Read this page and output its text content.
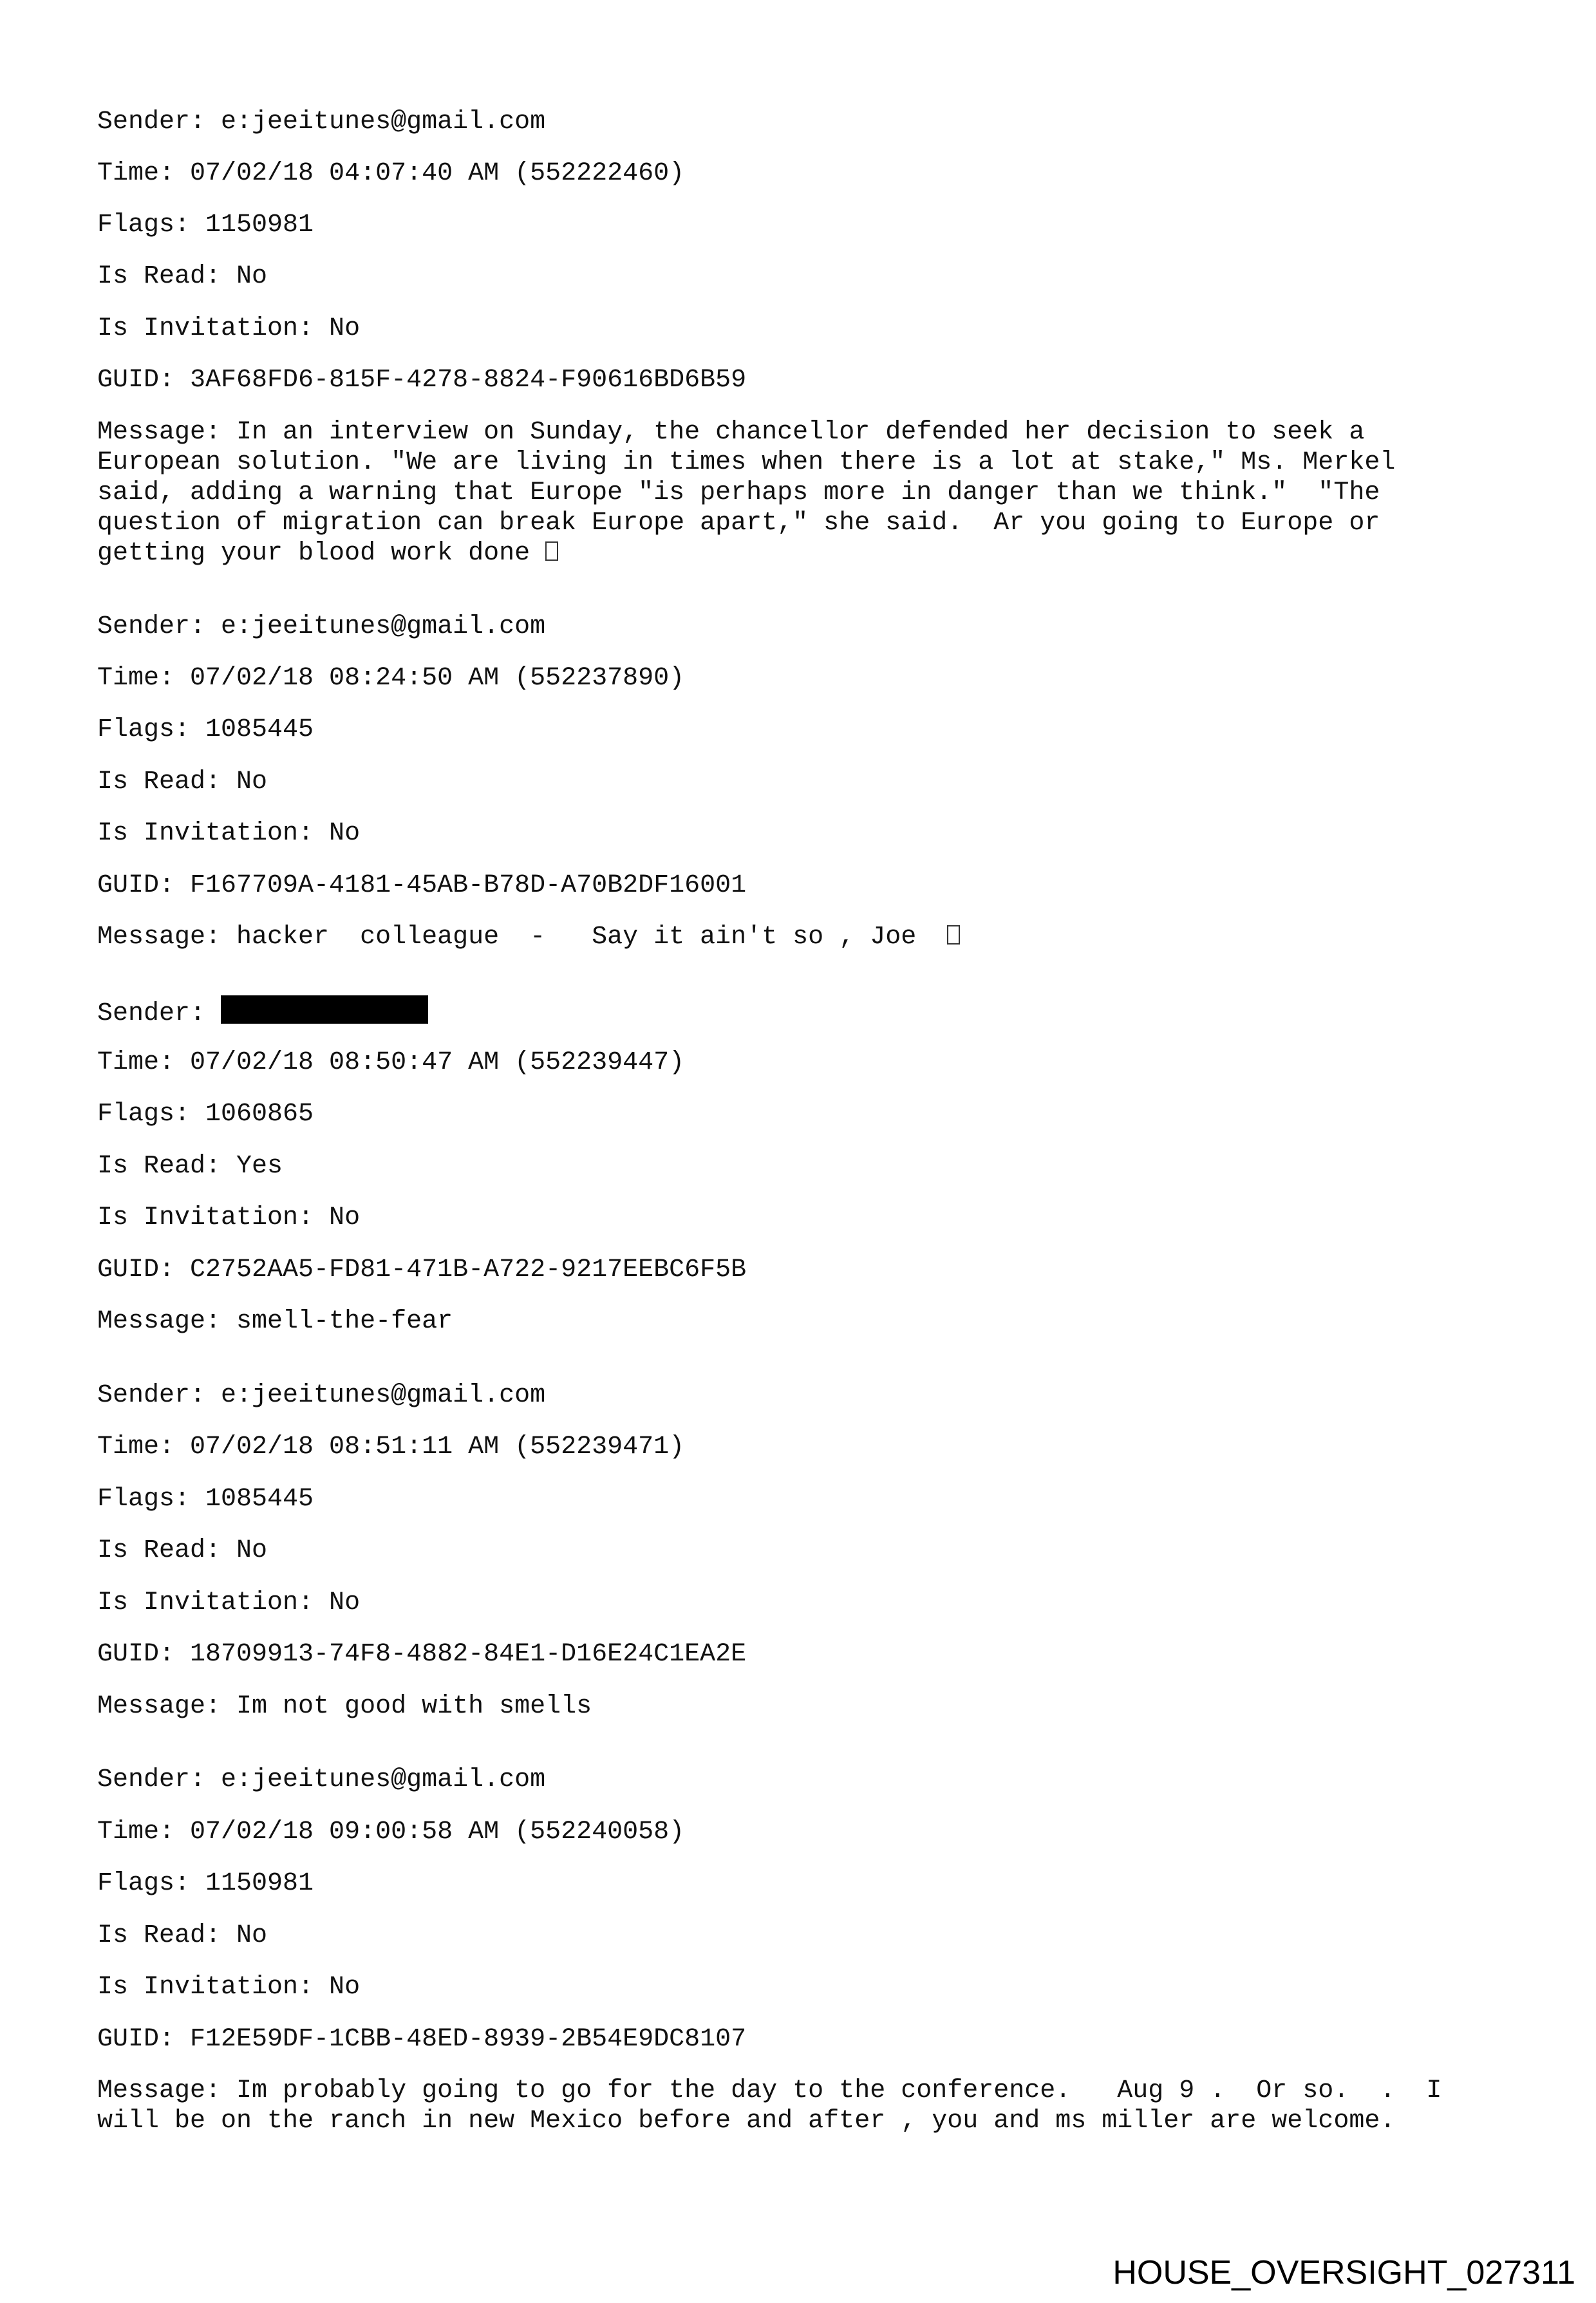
Sender: e:jeeitunes@gmail.com

Time: 07/02/18 04:07:40 AM (552222460)

Flags: 1150981

Is Read: No

Is Invitation: No

GUID: 3AF68FD6-815F-4278-8824-F90616BD6B59

Message: In an interview on Sunday, the chancellor defended her decision to seek a

European solution. "We are living in times when there is a lot at stake," Ms. Merkel

said, adding a warning that Europe "is perhaps more in danger than we think."  "The

question of migration can break Europe apart," she said.  Ar you going to Europe or

getting your blood work done

Sender: e:jeeitunes@gmail.com

Time: 07/02/18 08:24:50 AM (552237890)

Flags: 1085445

Is Read: No

Is Invitation: No

GUID: F167709A-4181-45AB-B78D-A70B2DF16001

Message: hacker  colleague  -   Say it ain't so , Joe

Sender:

Time: 07/02/18 08:50:47 AM (552239447)

Flags: 1060865

Is Read: Yes

Is Invitation: No

GUID: C2752AA5-FD81-471B-A722-9217EEBC6F5B

Message: smell-the-fear

Sender: e:jeeitunes@gmail.com

Time: 07/02/18 08:51:11 AM (552239471)

Flags: 1085445

Is Read: No

Is Invitation: No

GUID: 18709913-74F8-4882-84E1-D16E24C1EA2E

Message: Im not good with smells

Sender: e:jeeitunes@gmail.com

Time: 07/02/18 09:00:58 AM (552240058)

Flags: 1150981

Is Read: No

Is Invitation: No

GUID: F12E59DF-1CBB-48ED-8939-2B54E9DC8107

Message: Im probably going to go for the day to the conference.   Aug 9 .  Or so.  .  I

will be on the ranch in new Mexico before and after , you and ms miller are welcome.

HOUSE_OVERSIGHT_027311
